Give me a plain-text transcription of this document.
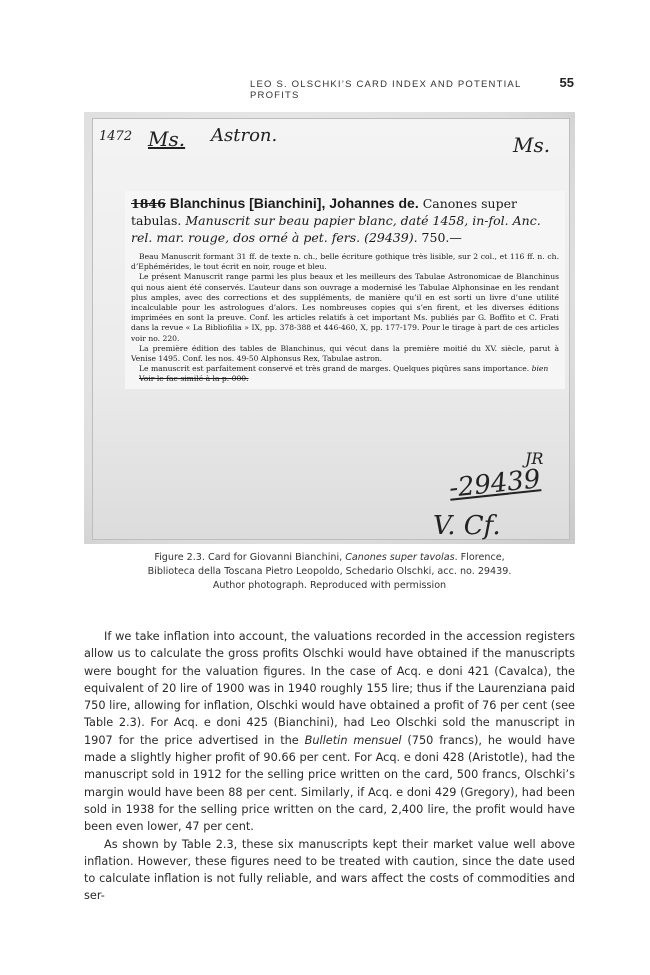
LEO S. OLSCHKI’S CARD INDEX AND POTENTIAL PROFITS
55
1472 Ms. Astron.	Ms.
1846 Blanchinus [Bianchini], Johannes de. Canones super tabulas. Manuscrit sur beau papier blanc, daté 1458, in-fol. Anc. rel. mar. rouge, dos orné à pet. fers. (29439). 750.—

Beau Manuscrit formant 31 ff. de texte n. ch., belle écriture gothique très lisible, sur 2 col., et 116 ff. n. ch. d’Ephémérides, le tout écrit en noir, rouge et bleu.

Le présent Manuscrit range parmi les plus beaux et les meilleurs des Tabulae Astronomicae de Blanchinus qui nous aient été conservés. L’auteur dans son ouvrage a modernisé les Tabulae Alphonsinae en les rendant plus amples, avec des corrections et des suppléments, de manière qu’il en est sorti un livre d’une utilité incalculable pour les astrologues d’alors. Les nombreuses copies qui s’en firent, et les diverses éditions imprimées en sont la preuve. Conf. les articles relatifs à cet important Ms. publiés par G. Boffito et C. Frati dans la revue « La Bibliofilia » IX, pp. 378-388 et 446-460, X, pp. 177-179. Pour le tirage à part de ces articles voir no. 220.

La première édition des tables de Blanchinus, qui vécut dans la première moitié du XV. siècle, parut à Venise 1495. Conf. les nos. 49-50 Alphonsus Rex, Tabulae astron.

Le manuscrit est parfaitement conservé et très grand de marges. Quelques piqûres sans importance. bien

Voir le fac-similé à la p. 000.

JR
-29439
V. Cf.
Figure 2.3. Card for Giovanni Bianchini, Canones super tavolas. Florence,
Biblioteca della Toscana Pietro Leopoldo, Schedario Olschki, acc. no. 29439.
Author photograph. Reproduced with permission

If we take inflation into account, the valuations recorded in the accession registers allow us to calculate the gross profits Olschki would have obtained if the manuscripts were bought for the valuation figures. In the case of Acq. e doni 421 (Cavalca), the equivalent of 20 lire of 1900 was in 1940 roughly 155 lire; thus if the Laurenziana paid 750 lire, allowing for inflation, Olschki would have obtained a profit of 76 per cent (see Table 2.3). For Acq. e doni 425 (Bianchini), had Leo Olschki sold the manuscript in 1907 for the price advertised in the Bulletin mensuel (750 francs), he would have made a slightly higher profit of 90.66 per cent. For Acq. e doni 428 (Aristotle), had the manuscript sold in 1912 for the selling price written on the card, 500 francs, Olschki’s margin would have been 88 per cent. Similarly, if Acq. e doni 429 (Gregory), had been sold in 1938 for the selling price written on the card, 2,400 lire, the profit would have been even lower, 47 per cent.

As shown by Table 2.3, these six manuscripts kept their market value well above inflation. However, these figures need to be treated with caution, since the date used to calculate inflation is not fully reliable, and wars affect the costs of commodities and ser-
